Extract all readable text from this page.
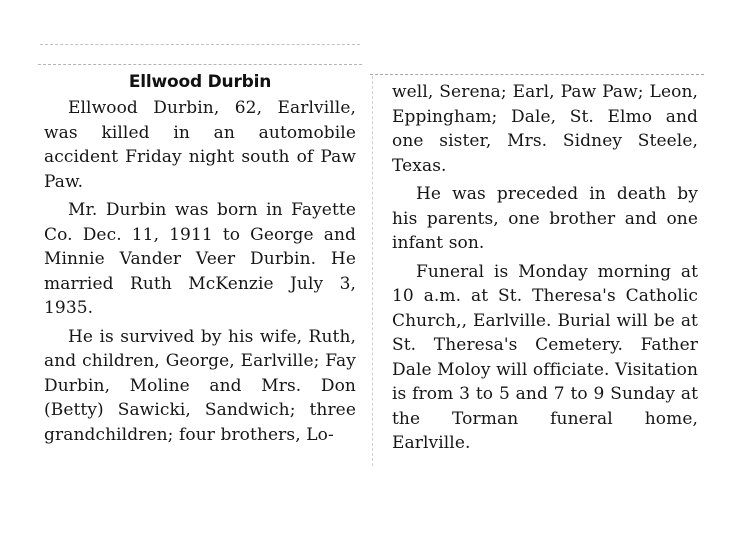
Ellwood Durbin

Ellwood Durbin, 62, Earlville, was killed in an automobile accident Friday night south of Paw Paw.

Mr. Durbin was born in Fayette Co. Dec. 11, 1911 to George and Minnie Vander Veer Durbin. He married Ruth McKenzie July 3, 1935.

He is survived by his wife, Ruth, and children, George, Earlville; Fay Durbin, Moline and Mrs. Don (Betty) Sawicki, Sandwich; three grandchildren; four brothers, Lo-

well, Serena; Earl, Paw Paw; Leon, Eppingham; Dale, St. Elmo and one sister, Mrs. Sidney Steele, Texas.

He was preceded in death by his parents, one brother and one infant son.

Funeral is Monday morning at 10 a.m. at St. Theresa's Catholic Church,, Earlville. Burial will be at St. Theresa's Cemetery. Father Dale Moloy will officiate. Visitation is from 3 to 5 and 7 to 9 Sunday at the Torman funeral home, Earlville.
